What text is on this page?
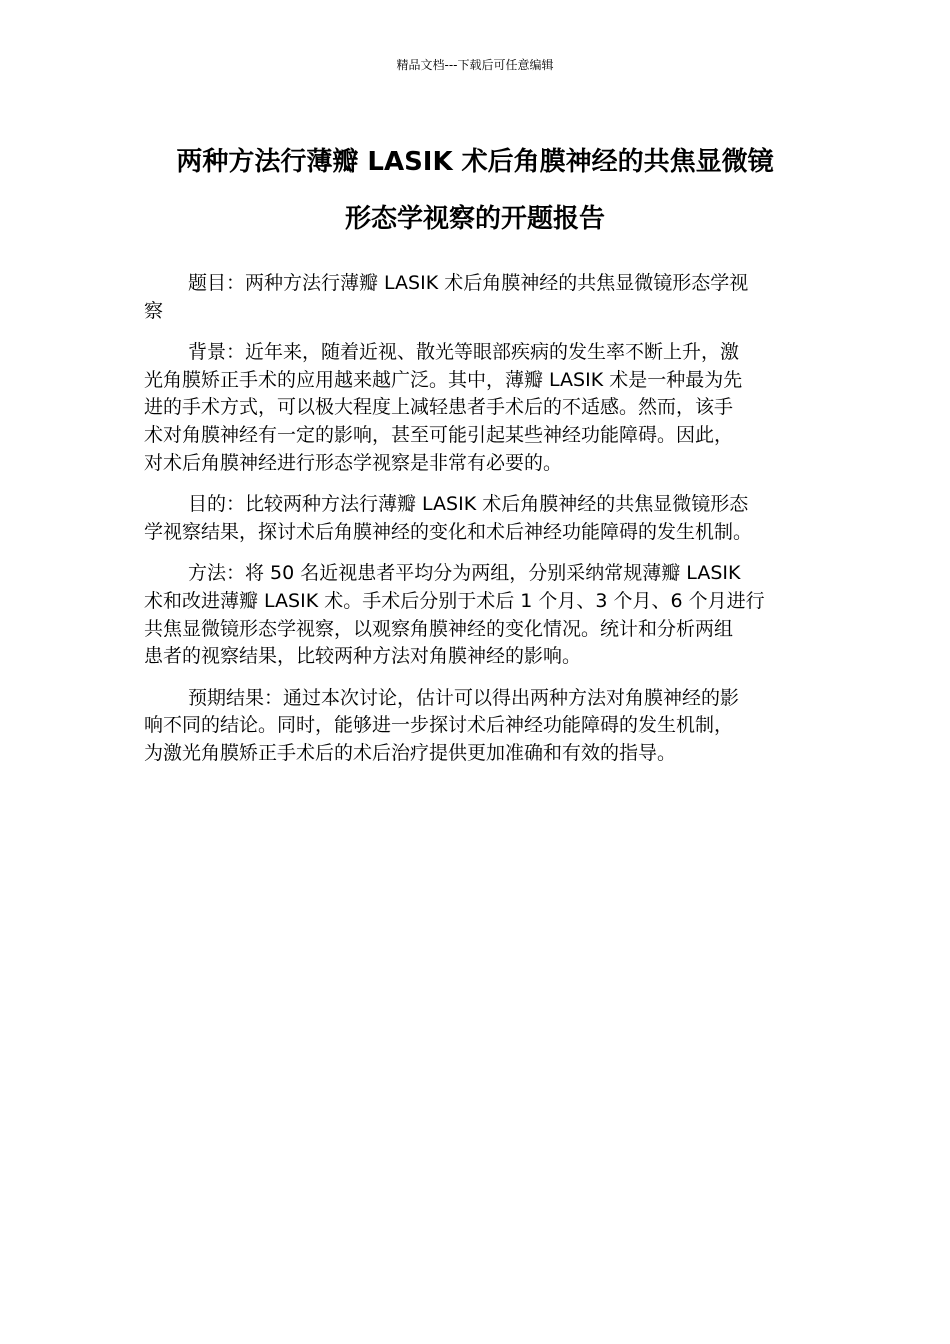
精品文档---下载后可任意编辑
两种方法行薄瓣 LASIK 术后角膜神经的共焦显微镜
形态学视察的开题报告

题目：两种方法行薄瓣 LASIK 术后角膜神经的共焦显微镜形态学视
察

背景：近年来，随着近视、散光等眼部疾病的发生率不断上升，激
光角膜矫正手术的应用越来越广泛。其中，薄瓣 LASIK 术是一种最为先
进的手术方式，可以极大程度上减轻患者手术后的不适感。然而，该手
术对角膜神经有一定的影响，甚至可能引起某些神经功能障碍。因此，
对术后角膜神经进行形态学视察是非常有必要的。

目的：比较两种方法行薄瓣 LASIK 术后角膜神经的共焦显微镜形态
学视察结果，探讨术后角膜神经的变化和术后神经功能障碍的发生机制。

方法：将 50 名近视患者平均分为两组，分别采纳常规薄瓣 LASIK
术和改进薄瓣 LASIK 术。手术后分别于术后 1 个月、3 个月、6 个月进行
共焦显微镜形态学视察，以观察角膜神经的变化情况。统计和分析两组
患者的视察结果，比较两种方法对角膜神经的影响。

预期结果：通过本次讨论，估计可以得出两种方法对角膜神经的影
响不同的结论。同时，能够进一步探讨术后神经功能障碍的发生机制，
为激光角膜矫正手术后的术后治疗提供更加准确和有效的指导。
